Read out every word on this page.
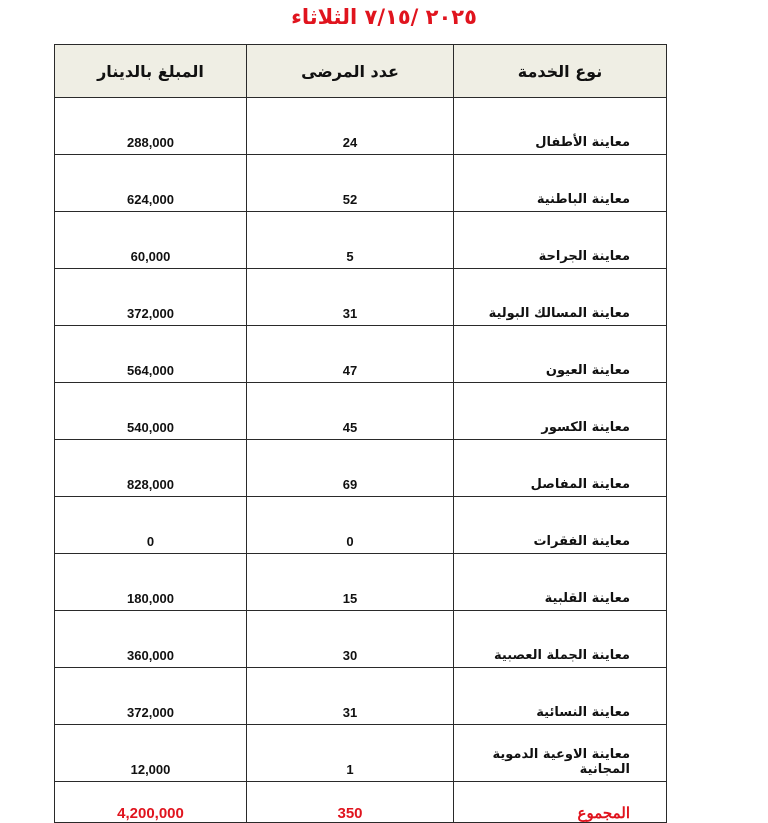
٢٠٢٥ /٧/١٥ الثلاثاء
نوع الخدمة	عدد المرضى	المبلغ بالدينار
معاينة الأطفال	24	288,000
معاينة الباطنية	52	624,000
معاينة الجراحة	5	60,000
معاينة المسالك البولية	31	372,000
معاينة العيون	47	564,000
معاينة الكسور	45	540,000
معاينة المفاصل	69	828,000
معاينة الفقرات	0	0
معاينة القلبية	15	180,000
معاينة الجملة العصبية	30	360,000
معاينة النسائية	31	372,000
معاينة الاوعية الدموية المجانية	1	12,000
المجموع	350	4,200,000
